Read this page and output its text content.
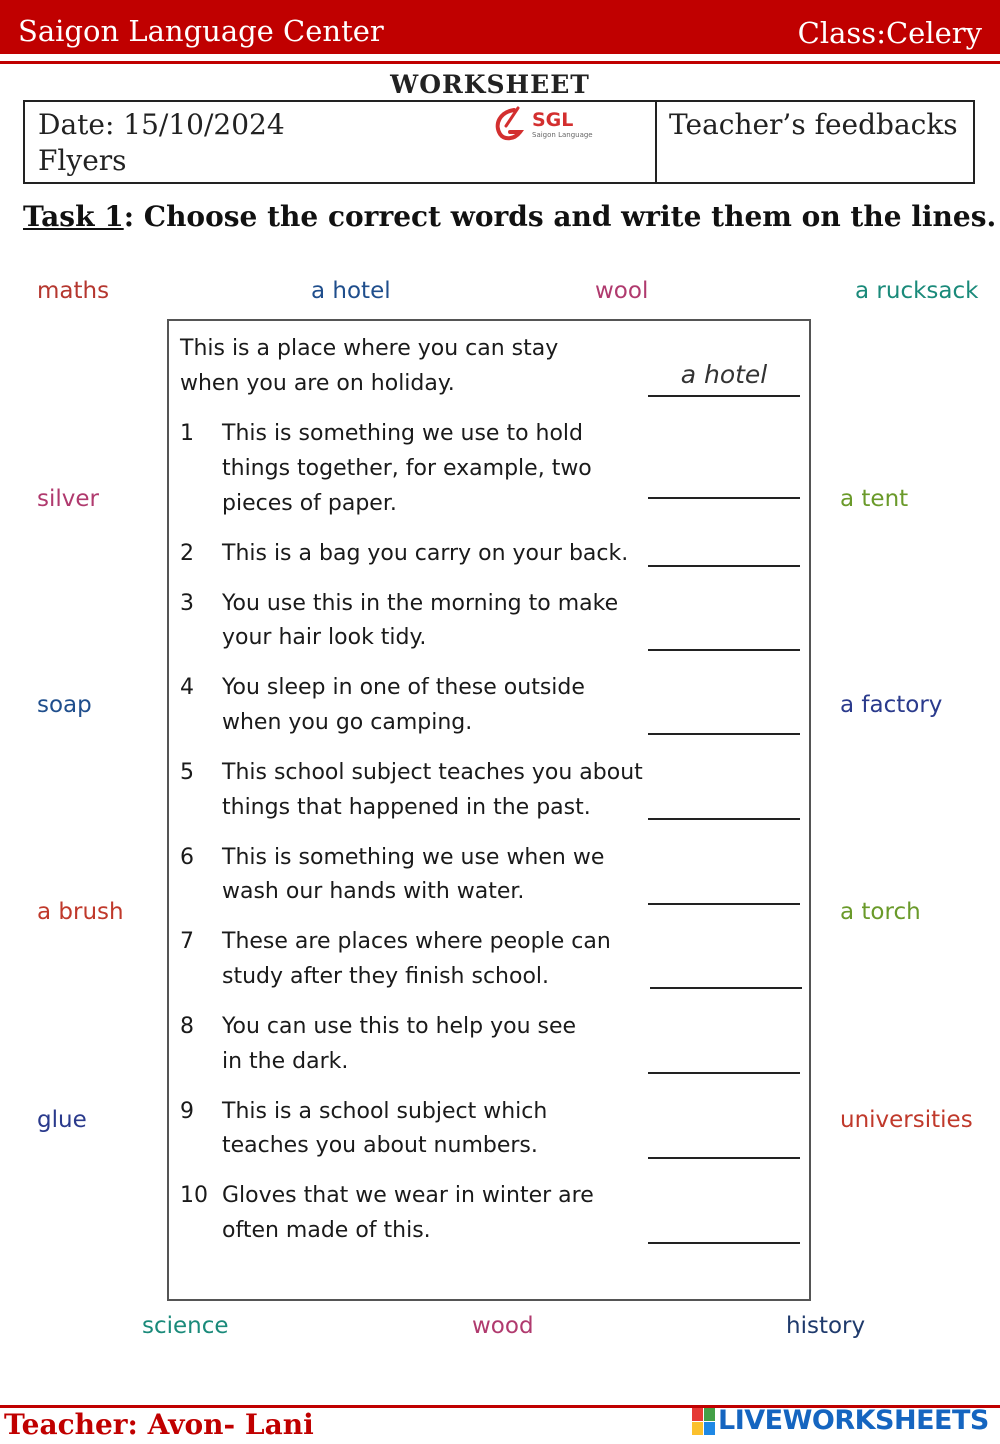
Saigon Language Center	Class:Celery
WORKSHEET
Date: 15/10/2024
Flyers
Teacher’s feedbacks
SGL
Saigon Language
Task 1: Choose the correct words and write them on the lines.
maths	a hotel	wool	a rucksack
silver	a tent
soap	a factory
a brush	a torch
glue	universities
science	wood	history
This is a place where you can stay
when you are on holiday.	a hotel
1 This is something we use to hold
things together, for example, two
pieces of paper.
2 This is a bag you carry on your back.
3 You use this in the morning to make
your hair look tidy.
4 You sleep in one of these outside
when you go camping.
5 This school subject teaches you about
things that happened in the past.
6 This is something we use when we
wash our hands with water.
7 These are places where people can
study after they finish school.
8 You can use this to help you see
in the dark.
9 This is a school subject which
teaches you about numbers.
10 Gloves that we wear in winter are
often made of this.
Teacher: Avon- Lani	LIVEWORKSHEETS
